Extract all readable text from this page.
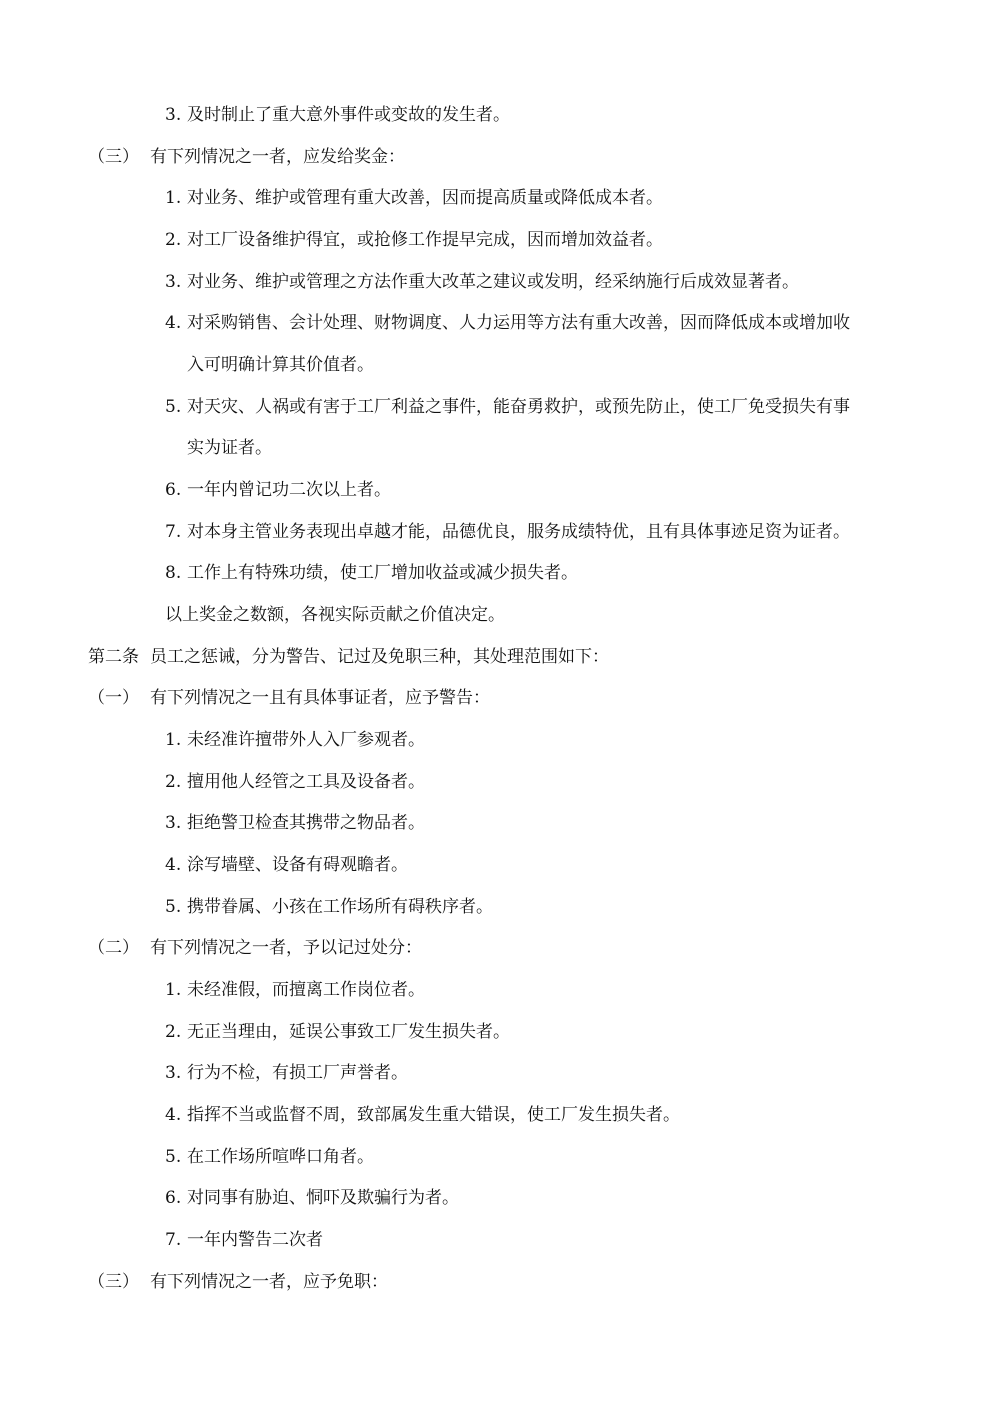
3. 及时制止了重大意外事件或变故的发生者。
（三） 有下列情况之一者，应发给奖金：
1. 对业务、维护或管理有重大改善，因而提高质量或降低成本者。
2. 对工厂设备维护得宜，或抢修工作提早完成，因而增加效益者。
3. 对业务、维护或管理之方法作重大改革之建议或发明，经采纳施行后成效显著者。
4. 对采购销售、会计处理、财物调度、人力运用等方法有重大改善，因而降低成本或增加收
入可明确计算其价值者。
5. 对天灾、人祸或有害于工厂利益之事件，能奋勇救护，或预先防止，使工厂免受损失有事
实为证者。
6. 一年内曾记功二次以上者。
7. 对本身主管业务表现出卓越才能，品德优良，服务成绩特优，且有具体事迹足资为证者。
8. 工作上有特殊功绩，使工厂增加收益或减少损失者。
以上奖金之数额，各视实际贡献之价值决定。
第二条 员工之惩诫，分为警告、记过及免职三种，其处理范围如下：
（一） 有下列情况之一且有具体事证者，应予警告：
1. 未经准许擅带外人入厂参观者。
2. 擅用他人经管之工具及设备者。
3. 拒绝警卫检查其携带之物品者。
4. 涂写墙壁、设备有碍观瞻者。
5. 携带眷属、小孩在工作场所有碍秩序者。
（二） 有下列情况之一者，予以记过处分：
1. 未经准假，而擅离工作岗位者。
2. 无正当理由，延误公事致工厂发生损失者。
3. 行为不检，有损工厂声誉者。
4. 指挥不当或监督不周，致部属发生重大错误，使工厂发生损失者。
5. 在工作场所喧哗口角者。
6. 对同事有胁迫、恫吓及欺骗行为者。
7. 一年内警告二次者
（三） 有下列情况之一者，应予免职：
